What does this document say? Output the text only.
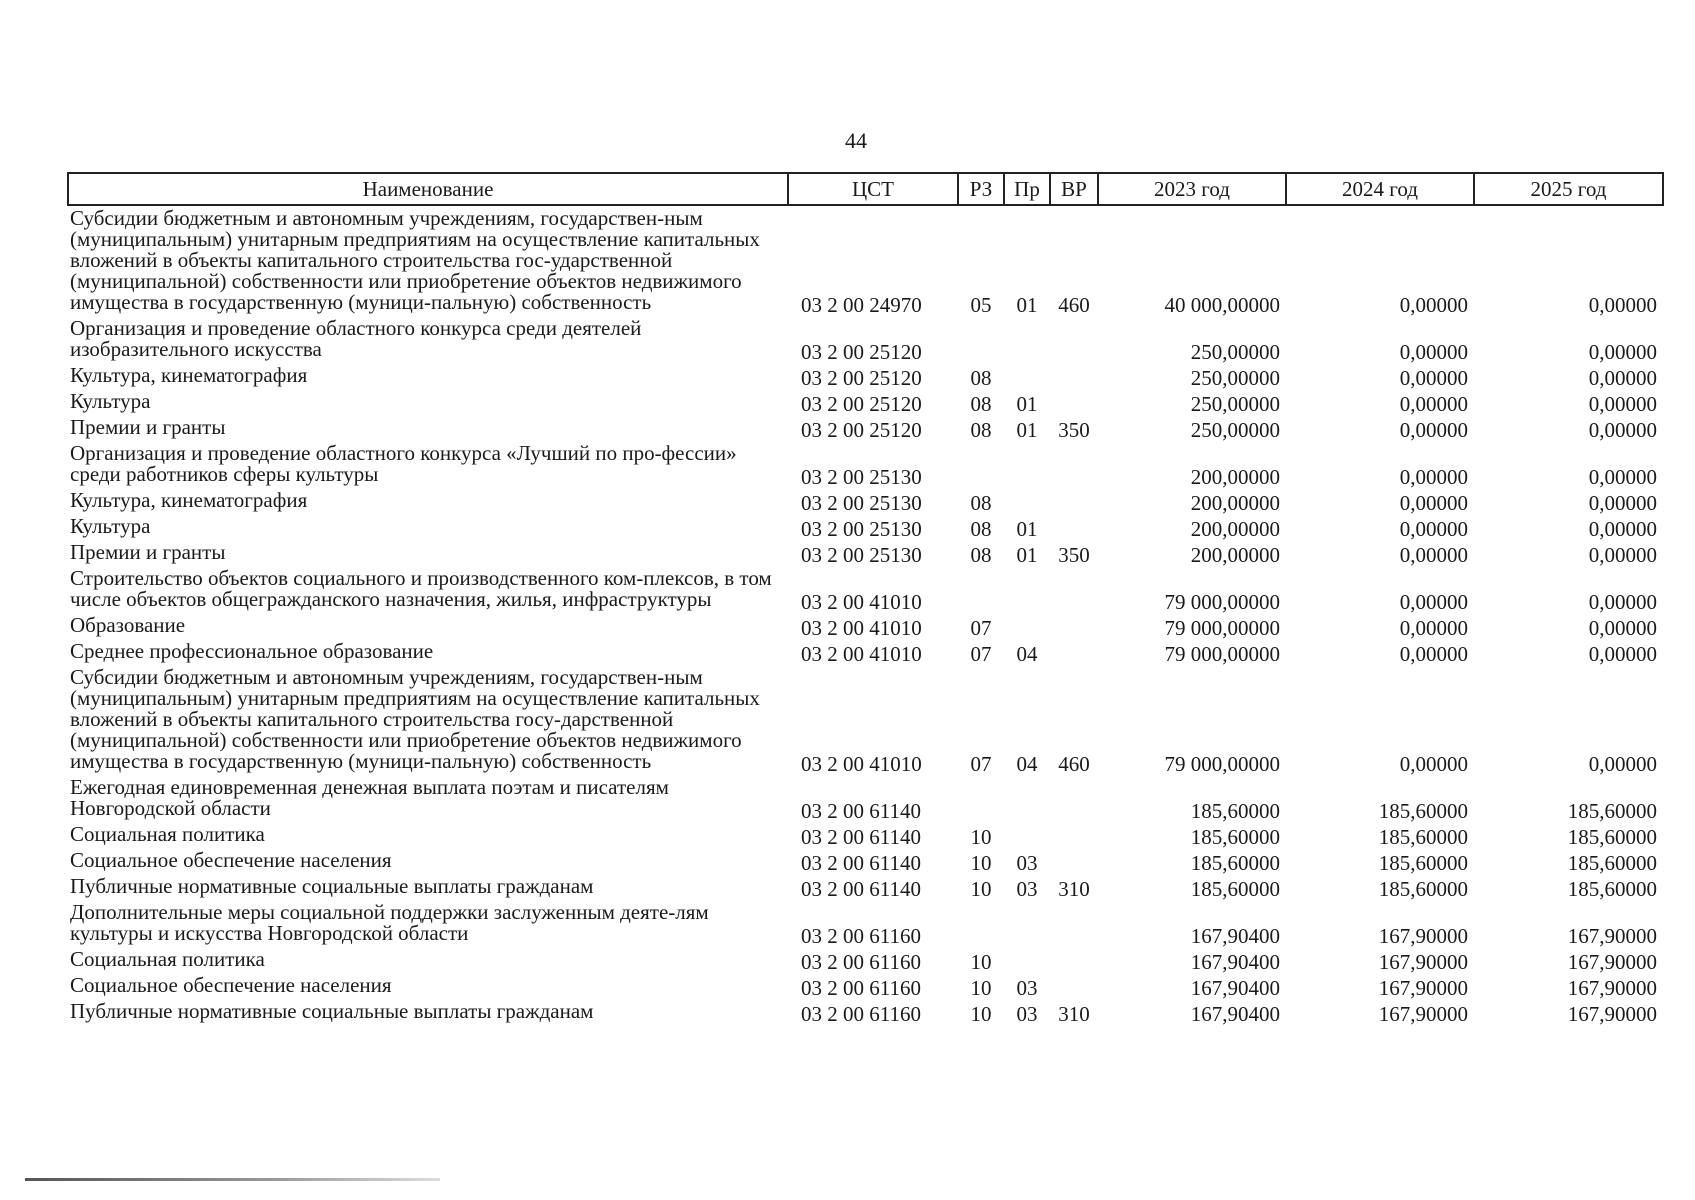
44
Наименование	ЦСТ	РЗ	Пр	ВР	2023 год	2024 год	2025 год
Субсидии бюджетным и автономным учреждениям, государствен-ным (муниципальным) унитарным предприятиям на осуществление капитальных вложений в объекты капитального строительства гос-ударственной (муниципальной) собственности или приобретение объектов недвижимого имущества в государственную (муници-пальную) собственность	03 2 00 24970	05	01	460	40 000,00000	0,00000	0,00000
Организация и проведение областного конкурса среди деятелей изобразительного искусства	03 2 00 25120				250,00000	0,00000	0,00000
Культура, кинематография	03 2 00 25120	08			250,00000	0,00000	0,00000
Культура	03 2 00 25120	08	01		250,00000	0,00000	0,00000
Премии и гранты	03 2 00 25120	08	01	350	250,00000	0,00000	0,00000
Организация и проведение областного конкурса «Лучший по про-фессии» среди работников сферы культуры	03 2 00 25130				200,00000	0,00000	0,00000
Культура, кинематография	03 2 00 25130	08			200,00000	0,00000	0,00000
Культура	03 2 00 25130	08	01		200,00000	0,00000	0,00000
Премии и гранты	03 2 00 25130	08	01	350	200,00000	0,00000	0,00000
Строительство объектов социального и производственного ком-плексов, в том числе объектов общегражданского назначения, жилья, инфраструктуры	03 2 00 41010				79 000,00000	0,00000	0,00000
Образование	03 2 00 41010	07			79 000,00000	0,00000	0,00000
Среднее профессиональное образование	03 2 00 41010	07	04		79 000,00000	0,00000	0,00000
Субсидии бюджетным и автономным учреждениям, государствен-ным (муниципальным) унитарным предприятиям на осуществление капитальных вложений в объекты капитального строительства госу-дарственной (муниципальной) собственности или приобретение объектов недвижимого имущества в государственную (муници-пальную) собственность	03 2 00 41010	07	04	460	79 000,00000	0,00000	0,00000
Ежегодная единовременная денежная выплата поэтам и писателям Новгородской области	03 2 00 61140				185,60000	185,60000	185,60000
Социальная политика	03 2 00 61140	10			185,60000	185,60000	185,60000
Социальное обеспечение населения	03 2 00 61140	10	03		185,60000	185,60000	185,60000
Публичные нормативные социальные выплаты гражданам	03 2 00 61140	10	03	310	185,60000	185,60000	185,60000
Дополнительные меры социальной поддержки заслуженным деяте-лям культуры и искусства Новгородской области	03 2 00 61160				167,90400	167,90000	167,90000
Социальная политика	03 2 00 61160	10			167,90400	167,90000	167,90000
Социальное обеспечение населения	03 2 00 61160	10	03		167,90400	167,90000	167,90000
Публичные нормативные социальные выплаты гражданам	03 2 00 61160	10	03	310	167,90400	167,90000	167,90000
